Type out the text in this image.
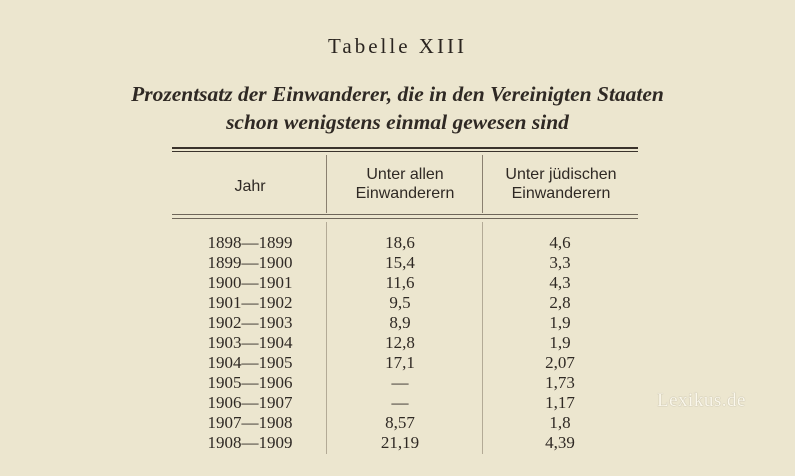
Tabelle XIII
Prozentsatz der Einwanderer, die in den Vereinigten Staaten
schon wenigstens einmal gewesen sind
Jahr
Unter allen
Einwanderern
Unter jüdischen
Einwanderern
1898—1899
1899—1900
1900—1901
1901—1902
1902—1903
1903—1904
1904—1905
1905—1906
1906—1907
1907—1908
1908—1909
18,6
15,4
11,6
9,5
8,9
12,8
17,1
—
—
8,57
21,19
4,6
3,3
4,3
2,8
1,9
1,9
2,07
1,73
1,17
1,8
4,39
Lexikus.de
